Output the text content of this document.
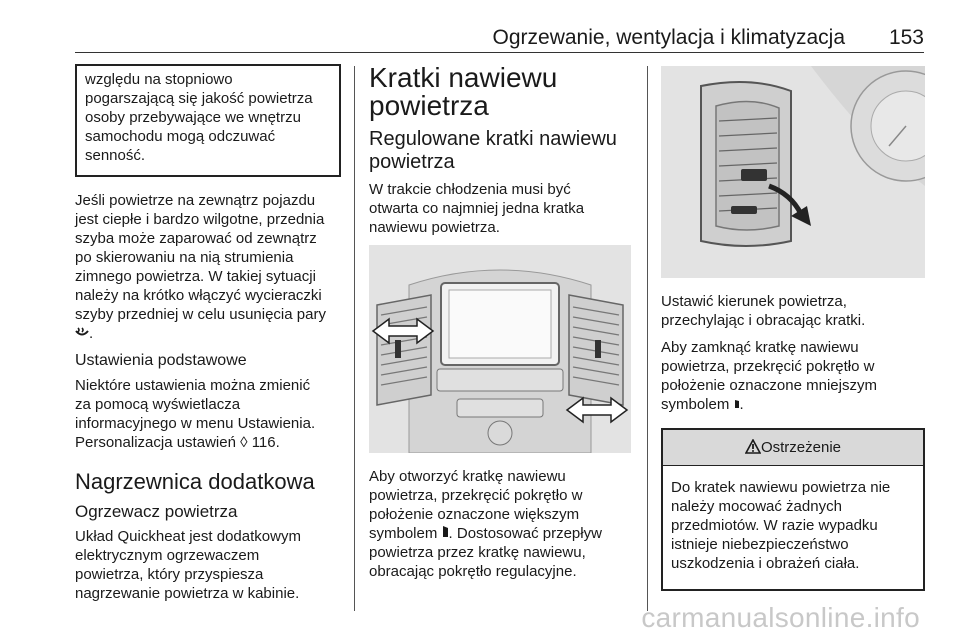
Ogrzewanie, wentylacja i klimatyzacja 153

względu na stopniowo
pogarszającą się jakość powietrza
osoby przebywające we wnętrzu
samochodu mogą odczuwać
senność.

Jeśli powietrze na zewnątrz pojazdu
jest ciepłe i bardzo wilgotne, przednia
szyba może zaparować od zewnątrz
po skierowaniu na nią strumienia
zimnego powietrza. W takiej sytuacji
należy na krótko włączyć wycieraczki
szyby przedniej w celu usunięcia pary
.

Ustawienia podstawowe

Niektóre ustawienia można zmienić
za pomocą wyświetlacza
informacyjnego w menu Ustawienia.
Personalizacja ustawień ◊ 116.

Nagrzewnica dodatkowa
Ogrzewacz powietrza

Układ Quickheat jest dodatkowym
elektrycznym ogrzewaczem
powietrza, który przyspiesza
nagrzewanie powietrza w kabinie.

Kratki nawiewu
powietrza
Regulowane kratki nawiewu
powietrza

W trakcie chłodzenia musi być
otwarta co najmniej jedna kratka
nawiewu powietrza.

Aby otworzyć kratkę nawiewu
powietrza, przekręcić pokrętło w
położenie oznaczone większym
symbolem . Dostosować przepływ
powietrza przez kratkę nawiewu,
obracając pokrętło regulacyjne.

Ustawić kierunek powietrza,
przechylając i obracając kratki.

Aby zamknąć kratkę nawiewu
powietrza, przekręcić pokrętło w
położenie oznaczone mniejszym
symbolem .

Ostrzeżenie

Do kratek nawiewu powietrza nie
należy mocować żadnych
przedmiotów. W razie wypadku
istnieje niebezpieczeństwo
uszkodzenia i obrażeń ciała.

carmanualsonline.info
